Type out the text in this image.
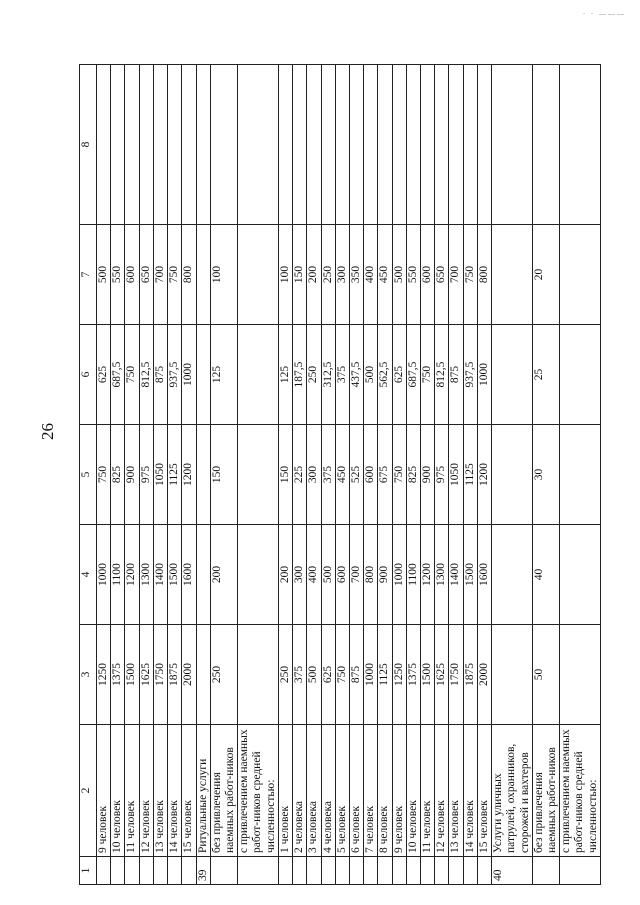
26
· · ———
1	2	3	4	5	6	7	8
	9 человек	1250	1000	750	625	500	
	10 человек	1375	1100	825	687,5	550	
	11 человек	1500	1200	900	750	600	
	12 человек	1625	1300	975	812,5	650	
	13 человек	1750	1400	1050	875	700	
	14 человек	1875	1500	1125	937,5	750	
	15 человек	2000	1600	1200	1000	800	
39	Ритуальные услуги						
	без привлечения наемных работ-ников	250	200	150	125	100	
	с привлечением наемных работ-ников средней численностью:						
	1 человек	250	200	150	125	100	
	2 человека	375	300	225	187,5	150	
	3 человека	500	400	300	250	200	
	4 человека	625	500	375	312,5	250	
	5 человек	750	600	450	375	300	
	6 человек	875	700	525	437,5	350	
	7 человек	1000	800	600	500	400	
	8 человек	1125	900	675	562,5	450	
	9 человек	1250	1000	750	625	500	
	10 человек	1375	1100	825	687,5	550	
	11 человек	1500	1200	900	750	600	
	12 человек	1625	1300	975	812,5	650	
	13 человек	1750	1400	1050	875	700	
	14 человек	1875	1500	1125	937,5	750	
	15 человек	2000	1600	1200	1000	800	
40	Услуги уличных патрулей, охранников, сторожей и вахтеров						
	без привлечения наемных работ-ников	50	40	30	25	20	
	с привлечением наемных работ-ников средней численностью:						
